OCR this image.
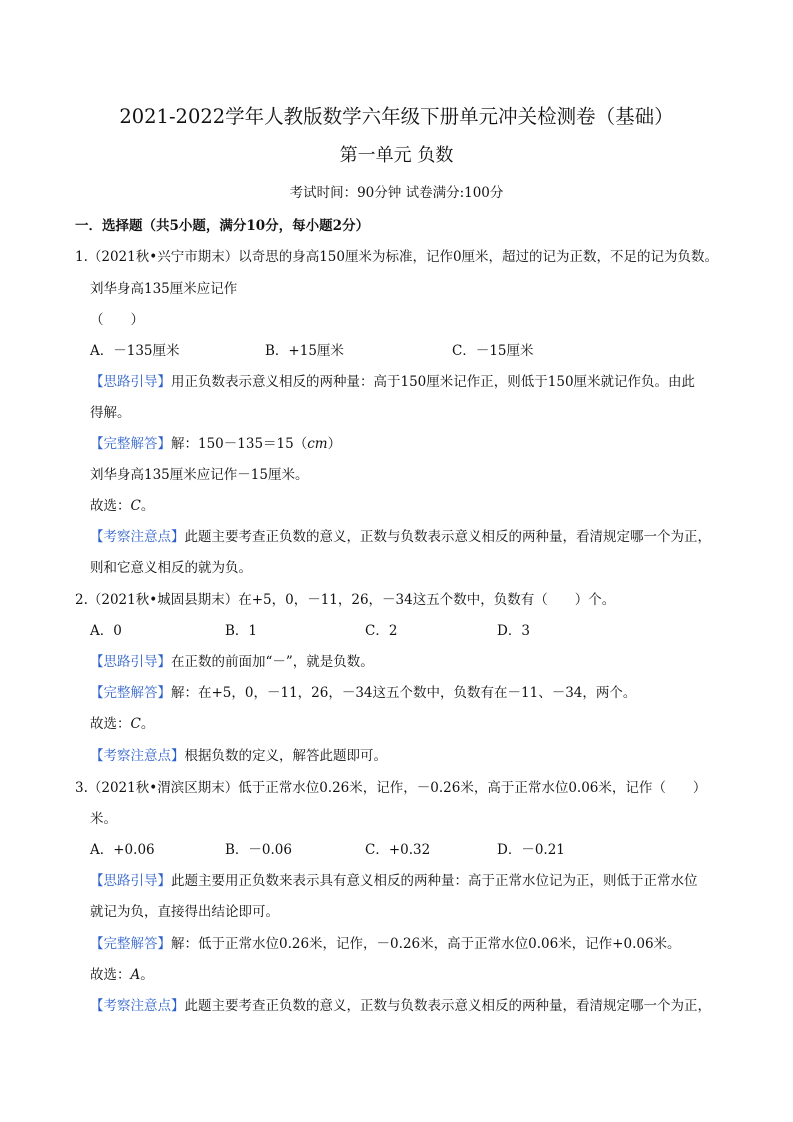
2021-2022学年人教版数学六年级下册单元冲关检测卷（基础）
第一单元 负数
考试时间：90分钟 试卷满分:100分
一．选择题（共5小题，满分10分，每小题2分）
1.（2021秋•兴宁市期末）以奇思的身高150厘米为标准，记作0厘米，超过的记为正数，不足的记为负数。
刘华身高135厘米应记作
（　　）
A．－135厘米	B．+15厘米	C．－15厘米
【思路引导】用正负数表示意义相反的两种量：高于150厘米记作正，则低于150厘米就记作负。由此
得解。
【完整解答】解：150－135＝15（cm）
刘华身高135厘米应记作－15厘米。
故选：C。
【考察注意点】此题主要考查正负数的意义，正数与负数表示意义相反的两种量，看清规定哪一个为正，
则和它意义相反的就为负。
2.（2021秋•城固县期末）在+5，0，－11，26，－34这五个数中，负数有（　　）个。
A．0	B．1	C．2	D．3
【思路引导】在正数的前面加“－”，就是负数。
【完整解答】解：在+5，0，－11，26，－34这五个数中，负数有在－11、－34，两个。
故选：C。
【考察注意点】根据负数的定义，解答此题即可。
3.（2021秋•渭滨区期末）低于正常水位0.26米，记作，－0.26米，高于正常水位0.06米，记作（　　）
米。
A．+0.06	B．－0.06	C．+0.32	D．－0.21
【思路引导】此题主要用正负数来表示具有意义相反的两种量：高于正常水位记为正，则低于正常水位
就记为负，直接得出结论即可。
【完整解答】解：低于正常水位0.26米，记作，－0.26米，高于正常水位0.06米，记作+0.06米。
故选：A。
【考察注意点】此题主要考查正负数的意义，正数与负数表示意义相反的两种量，看清规定哪一个为正，
